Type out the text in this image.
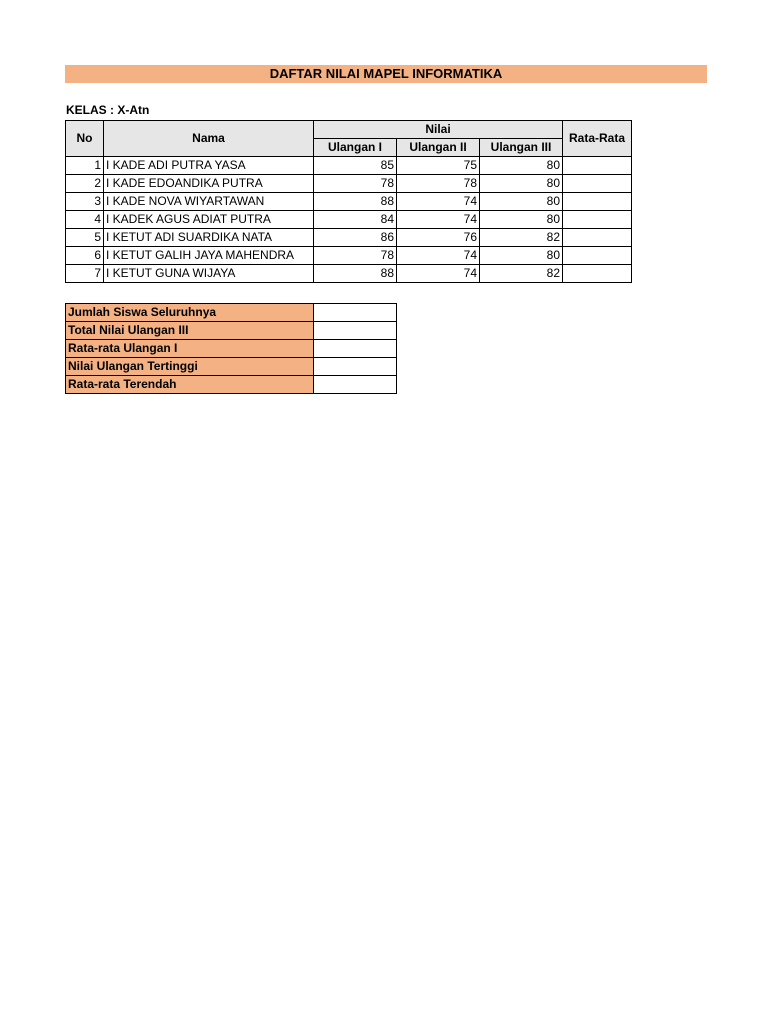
DAFTAR NILAI MAPEL INFORMATIKA
KELAS : X-Atn
No	Nama	Nilai			Rata-Rata
		Ulangan I	Ulangan II	Ulangan III	
1	I KADE ADI PUTRA YASA	85	75	80	
2	I KADE EDOANDIKA PUTRA	78	78	80	
3	I KADE NOVA WIYARTAWAN	88	74	80	
4	I KADEK AGUS ADIAT PUTRA	84	74	80	
5	I KETUT ADI SUARDIKA NATA	86	76	82	
6	I KETUT GALIH JAYA MAHENDRA	78	74	80	
7	I KETUT GUNA WIJAYA	88	74	82	
Jumlah Siswa Seluruhnya	
Total Nilai Ulangan III	
Rata-rata Ulangan I	
Nilai Ulangan Tertinggi	
Rata-rata Terendah	
